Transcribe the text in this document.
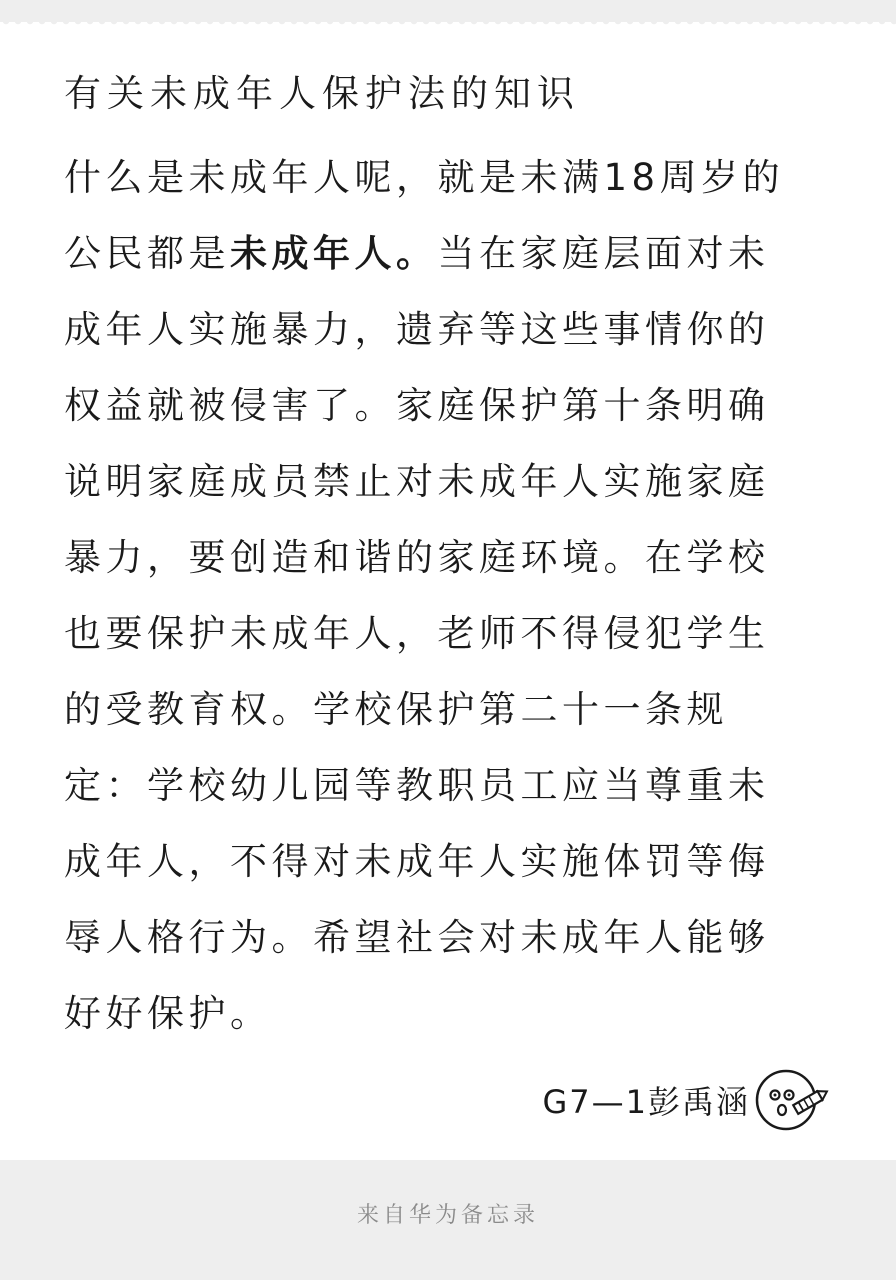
有关未成年人保护法的知识
什么是未成年人呢，就是未满18周岁的
公民都是未成年人。当在家庭层面对未
成年人实施暴力，遗弃等这些事情你的
权益就被侵害了。家庭保护第十条明确
说明家庭成员禁止对未成年人实施家庭
暴力，要创造和谐的家庭环境。在学校
也要保护未成年人，老师不得侵犯学生
的受教育权。学校保护第二十一条规
定：学校幼儿园等教职员工应当尊重未
成年人，不得对未成年人实施体罚等侮
辱人格行为。希望社会对未成年人能够
好好保护。
G7—1彭禹涵
来自华为备忘录
